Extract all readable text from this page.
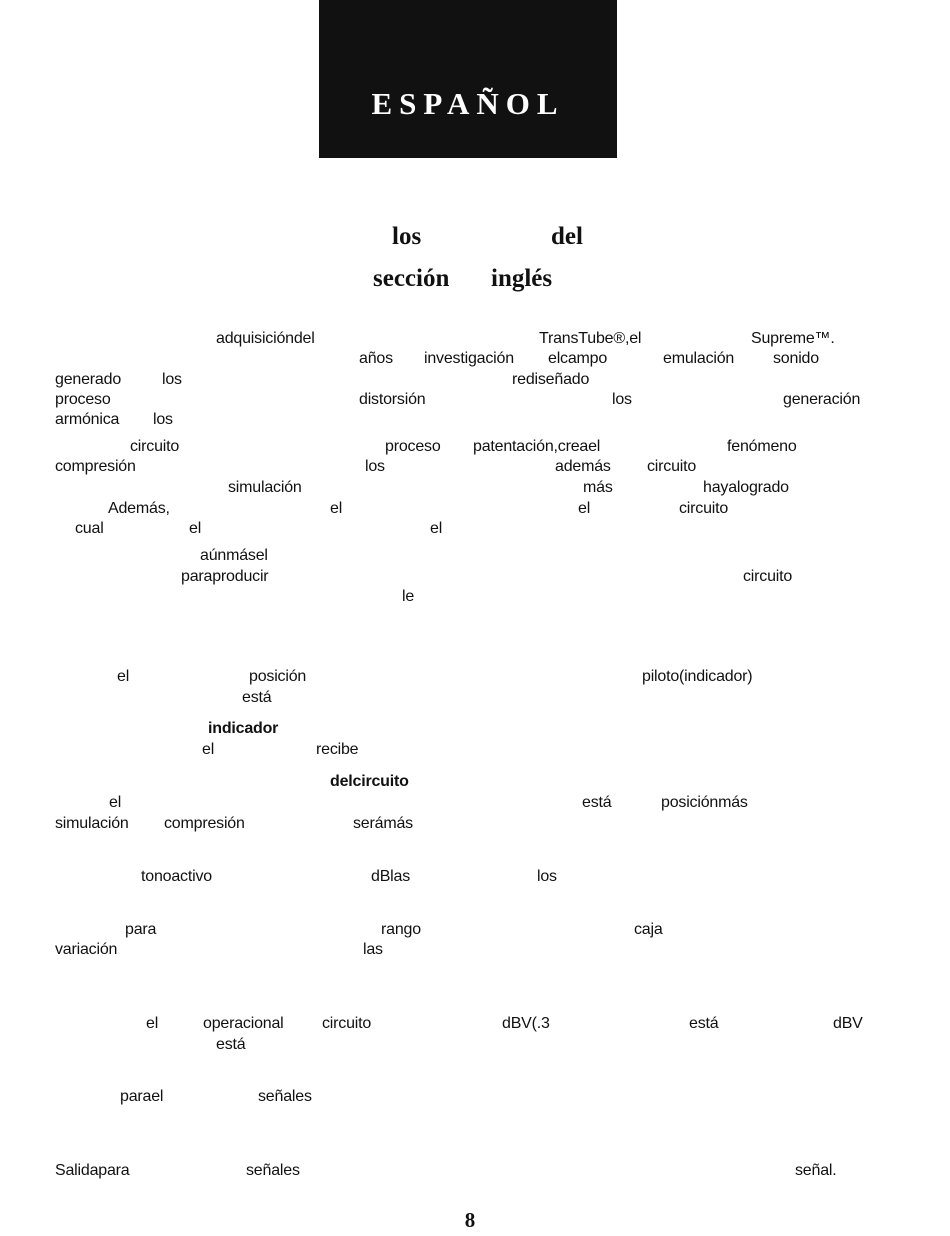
ESPAÑOL
los	del
sección inglés
adquisicióndel	TransTube®,el	Supreme™.
años investigación elcampo	emulación sonido
generado	los	rediseñado
proceso	distorsión	los	generación
armónica los
circuito	proceso patentación,creael	fenómeno
compresión	los	además circuito
simulación	más	hayalogrado
Además,	el	el	circuito
cual	el	el
aúnmásel
paraproducir	circuito
le
el	posición	piloto(indicador)
está
indicador
el	recibe
delcircuito
el	está	posiciónmás
simulación compresión	serámás
tonoactivo	dBlas	los
para	rango	caja
variación	las
el	operacional circuito	dBV(.3	está	dBV
está
parael	señales
Salidapara	señales	señal.
8
